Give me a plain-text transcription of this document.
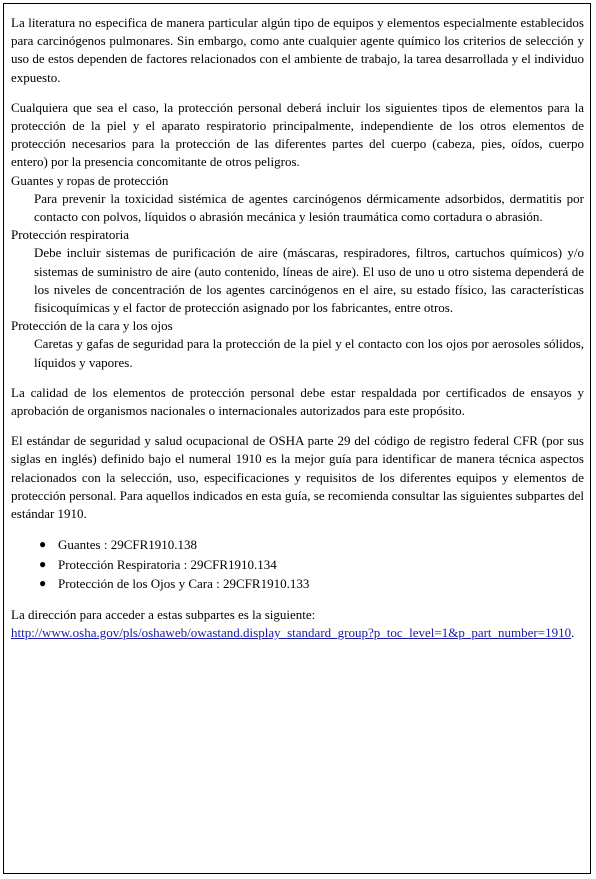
La literatura no especifica de manera particular algún tipo de equipos y elementos especialmente establecidos para carcinógenos pulmonares. Sin embargo, como ante cualquier agente químico los criterios de selección y uso de estos dependen de factores relacionados con el ambiente de trabajo, la tarea desarrollada y el individuo expuesto.

Cualquiera que sea el caso, la protección personal deberá incluir los siguientes tipos de elementos para la protección de la piel y el aparato respiratorio principalmente, independiente de los otros elementos de protección necesarios para la protección de las diferentes partes del cuerpo (cabeza, pies, oídos, cuerpo entero) por la presencia concomitante de otros peligros.

Guantes y ropas de protección

Para prevenir la toxicidad sistémica de agentes carcinógenos dérmicamente adsorbidos, dermatitis por contacto con polvos, líquidos o abrasión mecánica y lesión traumática como cortadura o abrasión.

Protección respiratoria

Debe incluir sistemas de purificación de aire (máscaras, respiradores, filtros, cartuchos químicos) y/o sistemas de suministro de aire (auto contenido, líneas de aire). El uso de uno u otro sistema dependerá de los niveles de concentración de los agentes carcinógenos en el aire, su estado físico, las características fisicoquímicas y el factor de protección asignado por los fabricantes, entre otros.

Protección de la cara y los ojos

Caretas y gafas de seguridad para la protección de la piel y el contacto con los ojos por aerosoles sólidos, líquidos y vapores.

La calidad de los elementos de protección personal debe estar respaldada por certificados de ensayos y aprobación de organismos nacionales o internacionales autorizados para este propósito.

El estándar de seguridad y salud ocupacional de OSHA parte 29 del código de registro federal CFR (por sus siglas en inglés) definido bajo el numeral 1910 es la mejor guía para identificar de manera técnica aspectos relacionados con la selección, uso, especificaciones y requisitos de los diferentes equipos y elementos de protección personal. Para aquellos indicados en esta guía, se recomienda consultar las siguientes subpartes del estándar 1910.

● Guantes : 29CFR1910.138
● Protección Respiratoria : 29CFR1910.134
● Protección de los Ojos y Cara : 29CFR1910.133

La dirección para acceder a estas subpartes es la siguiente:

http://www.osha.gov/pls/oshaweb/owastand.display_standard_group?p_toc_level=1&p_part_number=1910.
